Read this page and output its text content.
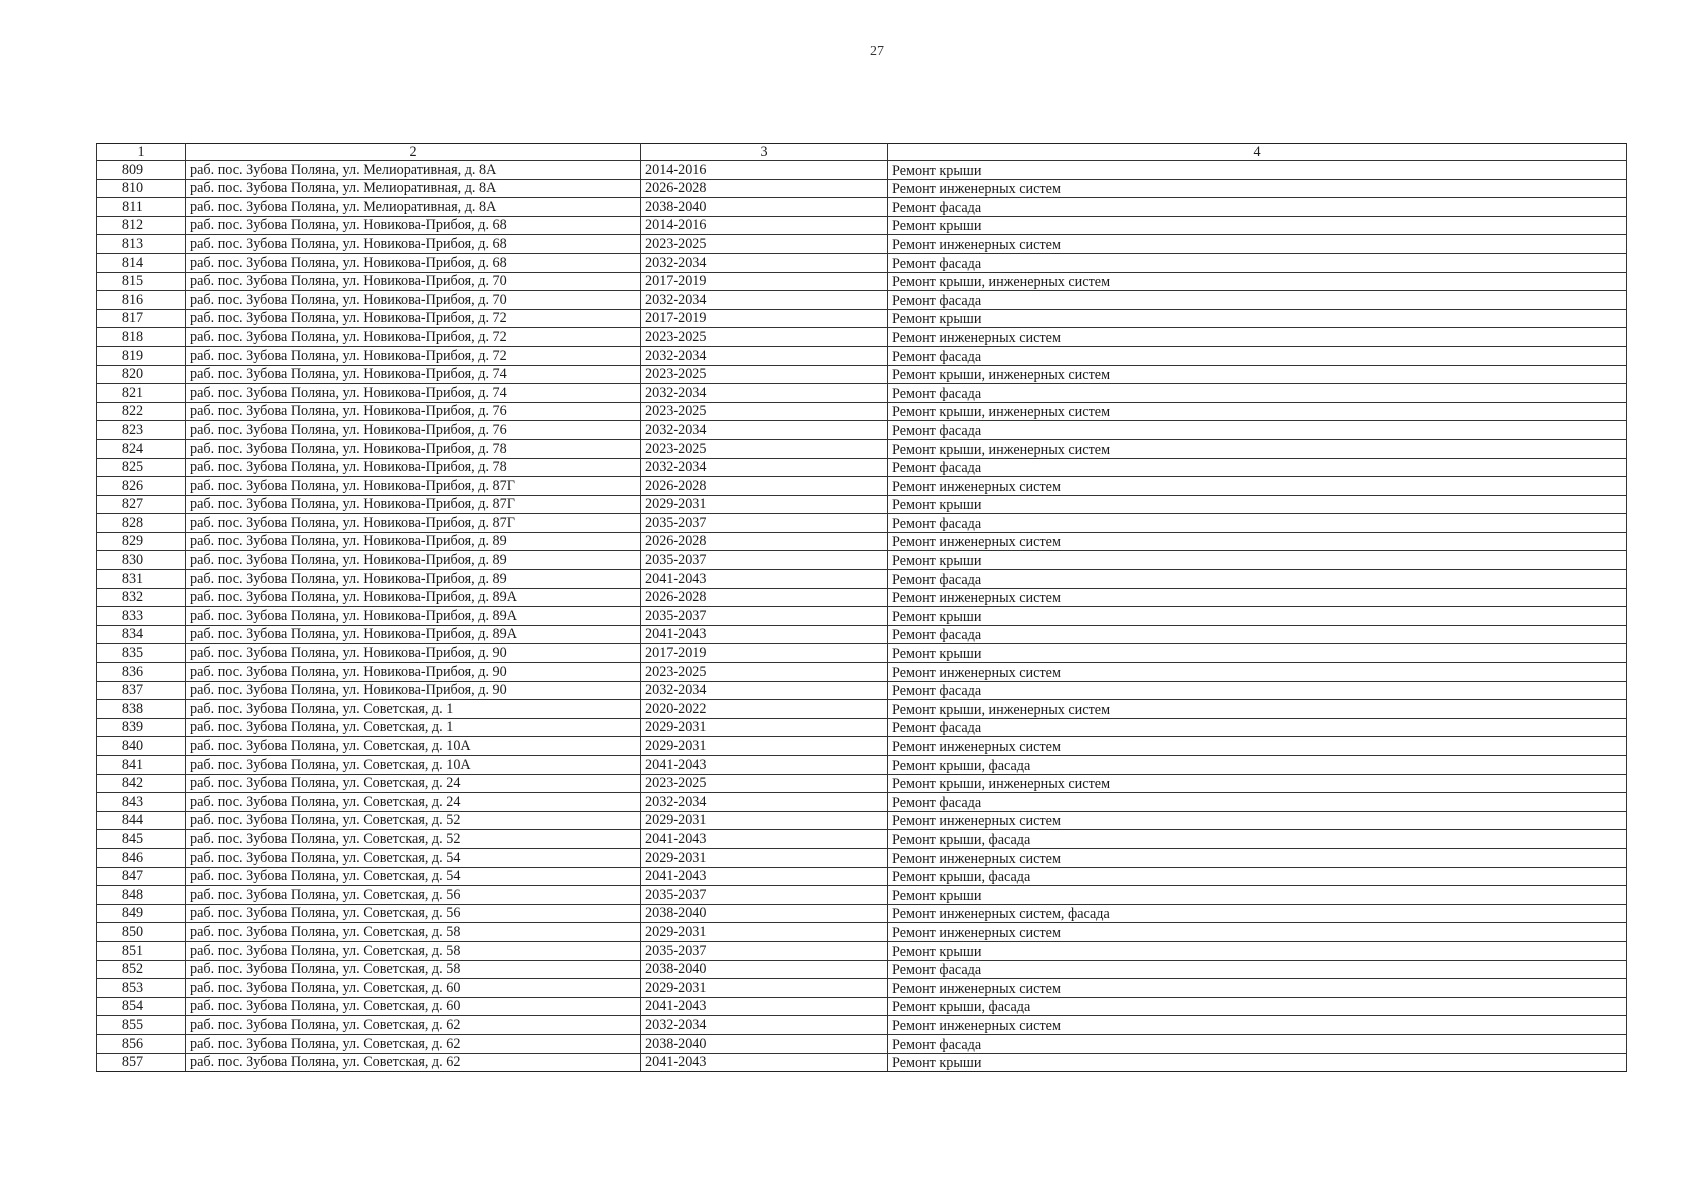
27
1	2	3	4
809	раб. пос. Зубова Поляна, ул. Мелиоративная, д. 8А	2014-2016	Ремонт крыши
810	раб. пос. Зубова Поляна, ул. Мелиоративная, д. 8А	2026-2028	Ремонт инженерных систем
811	раб. пос. Зубова Поляна, ул. Мелиоративная, д. 8А	2038-2040	Ремонт фасада
812	раб. пос. Зубова Поляна, ул. Новикова-Прибоя, д. 68	2014-2016	Ремонт крыши
813	раб. пос. Зубова Поляна, ул. Новикова-Прибоя, д. 68	2023-2025	Ремонт инженерных систем
814	раб. пос. Зубова Поляна, ул. Новикова-Прибоя, д. 68	2032-2034	Ремонт фасада
815	раб. пос. Зубова Поляна, ул. Новикова-Прибоя, д. 70	2017-2019	Ремонт крыши, инженерных систем
816	раб. пос. Зубова Поляна, ул. Новикова-Прибоя, д. 70	2032-2034	Ремонт фасада
817	раб. пос. Зубова Поляна, ул. Новикова-Прибоя, д. 72	2017-2019	Ремонт крыши
818	раб. пос. Зубова Поляна, ул. Новикова-Прибоя, д. 72	2023-2025	Ремонт инженерных систем
819	раб. пос. Зубова Поляна, ул. Новикова-Прибоя, д. 72	2032-2034	Ремонт фасада
820	раб. пос. Зубова Поляна, ул. Новикова-Прибоя, д. 74	2023-2025	Ремонт крыши, инженерных систем
821	раб. пос. Зубова Поляна, ул. Новикова-Прибоя, д. 74	2032-2034	Ремонт фасада
822	раб. пос. Зубова Поляна, ул. Новикова-Прибоя, д. 76	2023-2025	Ремонт крыши, инженерных систем
823	раб. пос. Зубова Поляна, ул. Новикова-Прибоя, д. 76	2032-2034	Ремонт фасада
824	раб. пос. Зубова Поляна, ул. Новикова-Прибоя, д. 78	2023-2025	Ремонт крыши, инженерных систем
825	раб. пос. Зубова Поляна, ул. Новикова-Прибоя, д. 78	2032-2034	Ремонт фасада
826	раб. пос. Зубова Поляна, ул. Новикова-Прибоя, д. 87Г	2026-2028	Ремонт инженерных систем
827	раб. пос. Зубова Поляна, ул. Новикова-Прибоя, д. 87Г	2029-2031	Ремонт крыши
828	раб. пос. Зубова Поляна, ул. Новикова-Прибоя, д. 87Г	2035-2037	Ремонт фасада
829	раб. пос. Зубова Поляна, ул. Новикова-Прибоя, д. 89	2026-2028	Ремонт инженерных систем
830	раб. пос. Зубова Поляна, ул. Новикова-Прибоя, д. 89	2035-2037	Ремонт крыши
831	раб. пос. Зубова Поляна, ул. Новикова-Прибоя, д. 89	2041-2043	Ремонт фасада
832	раб. пос. Зубова Поляна, ул. Новикова-Прибоя, д. 89А	2026-2028	Ремонт инженерных систем
833	раб. пос. Зубова Поляна, ул. Новикова-Прибоя, д. 89А	2035-2037	Ремонт крыши
834	раб. пос. Зубова Поляна, ул. Новикова-Прибоя, д. 89А	2041-2043	Ремонт фасада
835	раб. пос. Зубова Поляна, ул. Новикова-Прибоя, д. 90	2017-2019	Ремонт крыши
836	раб. пос. Зубова Поляна, ул. Новикова-Прибоя, д. 90	2023-2025	Ремонт инженерных систем
837	раб. пос. Зубова Поляна, ул. Новикова-Прибоя, д. 90	2032-2034	Ремонт фасада
838	раб. пос. Зубова Поляна, ул. Советская, д. 1	2020-2022	Ремонт крыши, инженерных систем
839	раб. пос. Зубова Поляна, ул. Советская, д. 1	2029-2031	Ремонт фасада
840	раб. пос. Зубова Поляна, ул. Советская, д. 10А	2029-2031	Ремонт инженерных систем
841	раб. пос. Зубова Поляна, ул. Советская, д. 10А	2041-2043	Ремонт крыши, фасада
842	раб. пос. Зубова Поляна, ул. Советская, д. 24	2023-2025	Ремонт крыши, инженерных систем
843	раб. пос. Зубова Поляна, ул. Советская, д. 24	2032-2034	Ремонт фасада
844	раб. пос. Зубова Поляна, ул. Советская, д. 52	2029-2031	Ремонт инженерных систем
845	раб. пос. Зубова Поляна, ул. Советская, д. 52	2041-2043	Ремонт крыши, фасада
846	раб. пос. Зубова Поляна, ул. Советская, д. 54	2029-2031	Ремонт инженерных систем
847	раб. пос. Зубова Поляна, ул. Советская, д. 54	2041-2043	Ремонт крыши, фасада
848	раб. пос. Зубова Поляна, ул. Советская, д. 56	2035-2037	Ремонт крыши
849	раб. пос. Зубова Поляна, ул. Советская, д. 56	2038-2040	Ремонт инженерных систем, фасада
850	раб. пос. Зубова Поляна, ул. Советская, д. 58	2029-2031	Ремонт инженерных систем
851	раб. пос. Зубова Поляна, ул. Советская, д. 58	2035-2037	Ремонт крыши
852	раб. пос. Зубова Поляна, ул. Советская, д. 58	2038-2040	Ремонт фасада
853	раб. пос. Зубова Поляна, ул. Советская, д. 60	2029-2031	Ремонт инженерных систем
854	раб. пос. Зубова Поляна, ул. Советская, д. 60	2041-2043	Ремонт крыши, фасада
855	раб. пос. Зубова Поляна, ул. Советская, д. 62	2032-2034	Ремонт инженерных систем
856	раб. пос. Зубова Поляна, ул. Советская, д. 62	2038-2040	Ремонт фасада
857	раб. пос. Зубова Поляна, ул. Советская, д. 62	2041-2043	Ремонт крыши
